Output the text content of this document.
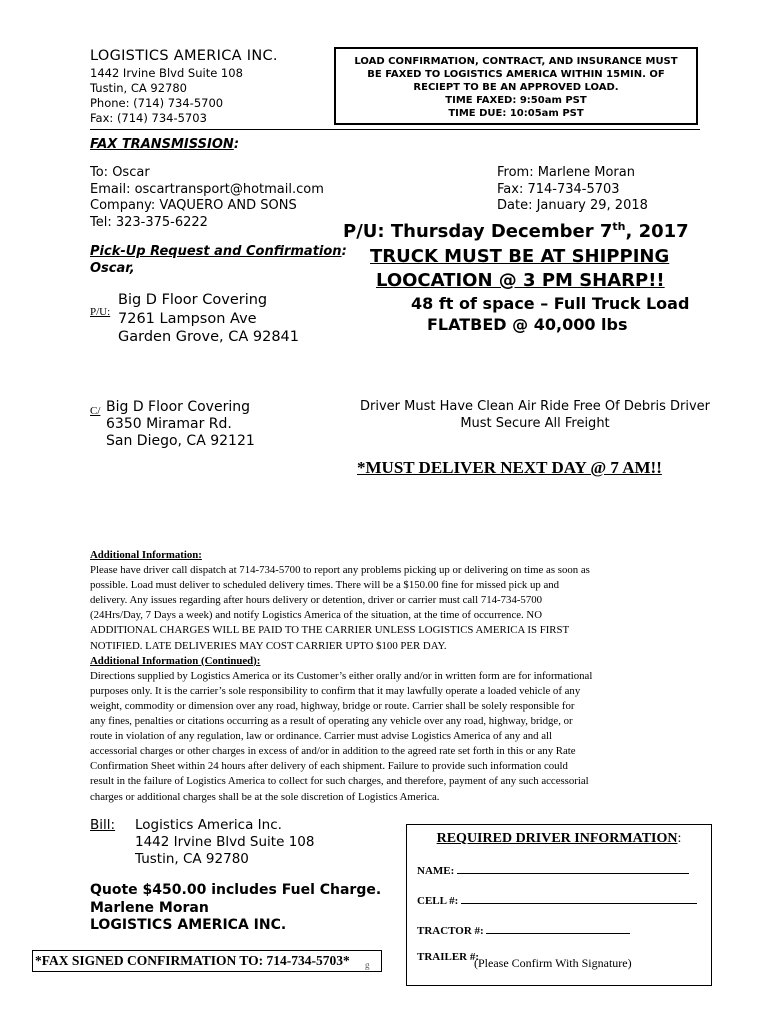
LOGISTICS AMERICA INC.
1442 Irvine Blvd Suite 108
Tustin, CA 92780
Phone: (714) 734-5700
Fax: (714) 734-5703
LOAD CONFIRMATION, CONTRACT, AND INSURANCE MUST
BE FAXED TO LOGISTICS AMERICA WITHIN 15MIN. OF
RECIEPT TO BE AN APPROVED LOAD.
TIME FAXED: 9:50am PST
TIME DUE: 10:05am PST
FAX TRANSMISSION:
To: Oscar
Email: oscartransport@hotmail.com
Company: VAQUERO AND SONS
Tel: 323-375-6222
From: Marlene Moran
Fax: 714-734-5703
Date: January 29, 2018
P/U: Thursday December 7th, 2017
TRUCK MUST BE AT SHIPPING
LOOCATION @ 3 PM SHARP!!
Pick-Up Request and Confirmation:
Oscar,
48 ft of space – Full Truck Load
FLATBED @ 40,000 lbs
P/U:
Big D Floor Covering
7261 Lampson Ave
Garden Grove, CA 92841
C/ Big D Floor Covering
6350 Miramar Rd.
San Diego, CA 92121
Driver Must Have Clean Air Ride Free Of Debris Driver
Must Secure All Freight
*MUST DELIVER NEXT DAY @ 7 AM!!
Additional Information:
Please have driver call dispatch at 714-734-5700 to report any problems picking up or delivering on time as soon as
possible. Load must deliver to scheduled delivery times. There will be a $150.00 fine for missed pick up and
delivery. Any issues regarding after hours delivery or detention, driver or carrier must call 714-734-5700
(24Hrs/Day, 7 Days a week) and notify Logistics America of the situation, at the time of occurrence. NO
ADDITIONAL CHARGES WILL BE PAID TO THE CARRIER UNLESS LOGISTICS AMERICA IS FIRST
NOTIFIED. LATE DELIVERIES MAY COST CARRIER UPTO $100 PER DAY.
Additional Information (Continued):
Directions supplied by Logistics America or its Customer’s either orally and/or in written form are for informational
purposes only. It is the carrier’s sole responsibility to confirm that it may lawfully operate a loaded vehicle of any
weight, commodity or dimension over any road, highway, bridge or route. Carrier shall be solely responsible for
any fines, penalties or citations occurring as a result of operating any vehicle over any road, highway, bridge, or
route in violation of any regulation, law or ordinance. Carrier must advise Logistics America of any and all
accessorial charges or other charges in excess of and/or in addition to the agreed rate set forth in this or any Rate
Confirmation Sheet within 24 hours after delivery of each shipment. Failure to provide such information could
result in the failure of Logistics America to collect for such charges, and therefore, payment of any such accessorial
charges or additional charges shall be at the sole discretion of Logistics America.
Bill: Logistics America Inc.
1442 Irvine Blvd Suite 108
Tustin, CA 92780
Quote $450.00 includes Fuel Charge.
Marlene Moran
LOGISTICS AMERICA INC.
*FAX SIGNED CONFIRMATION TO: 714-734-5703*	g
REQUIRED DRIVER INFORMATION:
NAME:
CELL #:
TRACTOR #:
TRAILER #:
(Please Confirm With Signature)
